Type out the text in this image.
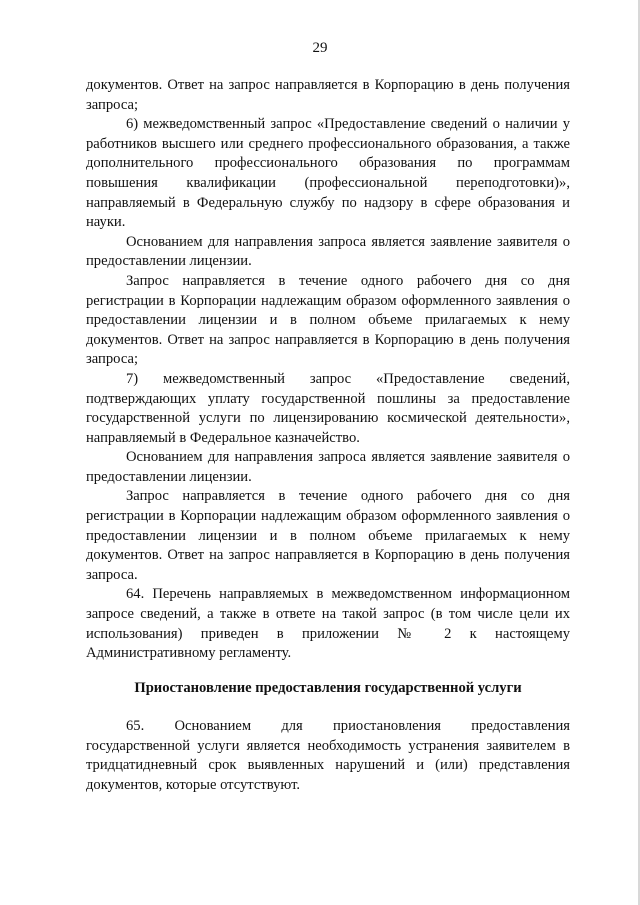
29

документов. Ответ на запрос направляется в Корпорацию в день получения запроса;

6) межведомственный запрос «Предоставление сведений о наличии у работников высшего или среднего профессионального образования, а также дополнительного профессионального образования по программам повышения квалификации (профессиональной переподготовки)», направляемый в Федеральную службу по надзору в сфере образования и науки.

Основанием для направления запроса является заявление заявителя о предоставлении лицензии.

Запрос направляется в течение одного рабочего дня со дня регистрации в Корпорации надлежащим образом оформленного заявления о предоставлении лицензии и в полном объеме прилагаемых к нему документов. Ответ на запрос направляется в Корпорацию в день получения запроса;

7) межведомственный запрос «Предоставление сведений, подтверждающих уплату государственной пошлины за предоставление государственной услуги по лицензированию космической деятельности», направляемый в Федеральное казначейство.

Основанием для направления запроса является заявление заявителя о предоставлении лицензии.

Запрос направляется в течение одного рабочего дня со дня регистрации в Корпорации надлежащим образом оформленного заявления о предоставлении лицензии и в полном объеме прилагаемых к нему документов. Ответ на запрос направляется в Корпорацию в день получения запроса.

64. Перечень направляемых в межведомственном информационном запросе сведений, а также в ответе на такой запрос (в том числе цели их использования) приведен в приложении № 2 к настоящему Административному регламенту.

Приостановление предоставления государственной услуги

65. Основанием для приостановления предоставления государственной услуги является необходимость устранения заявителем в тридцатидневный срок выявленных нарушений и (или) представления документов, которые отсутствуют.
